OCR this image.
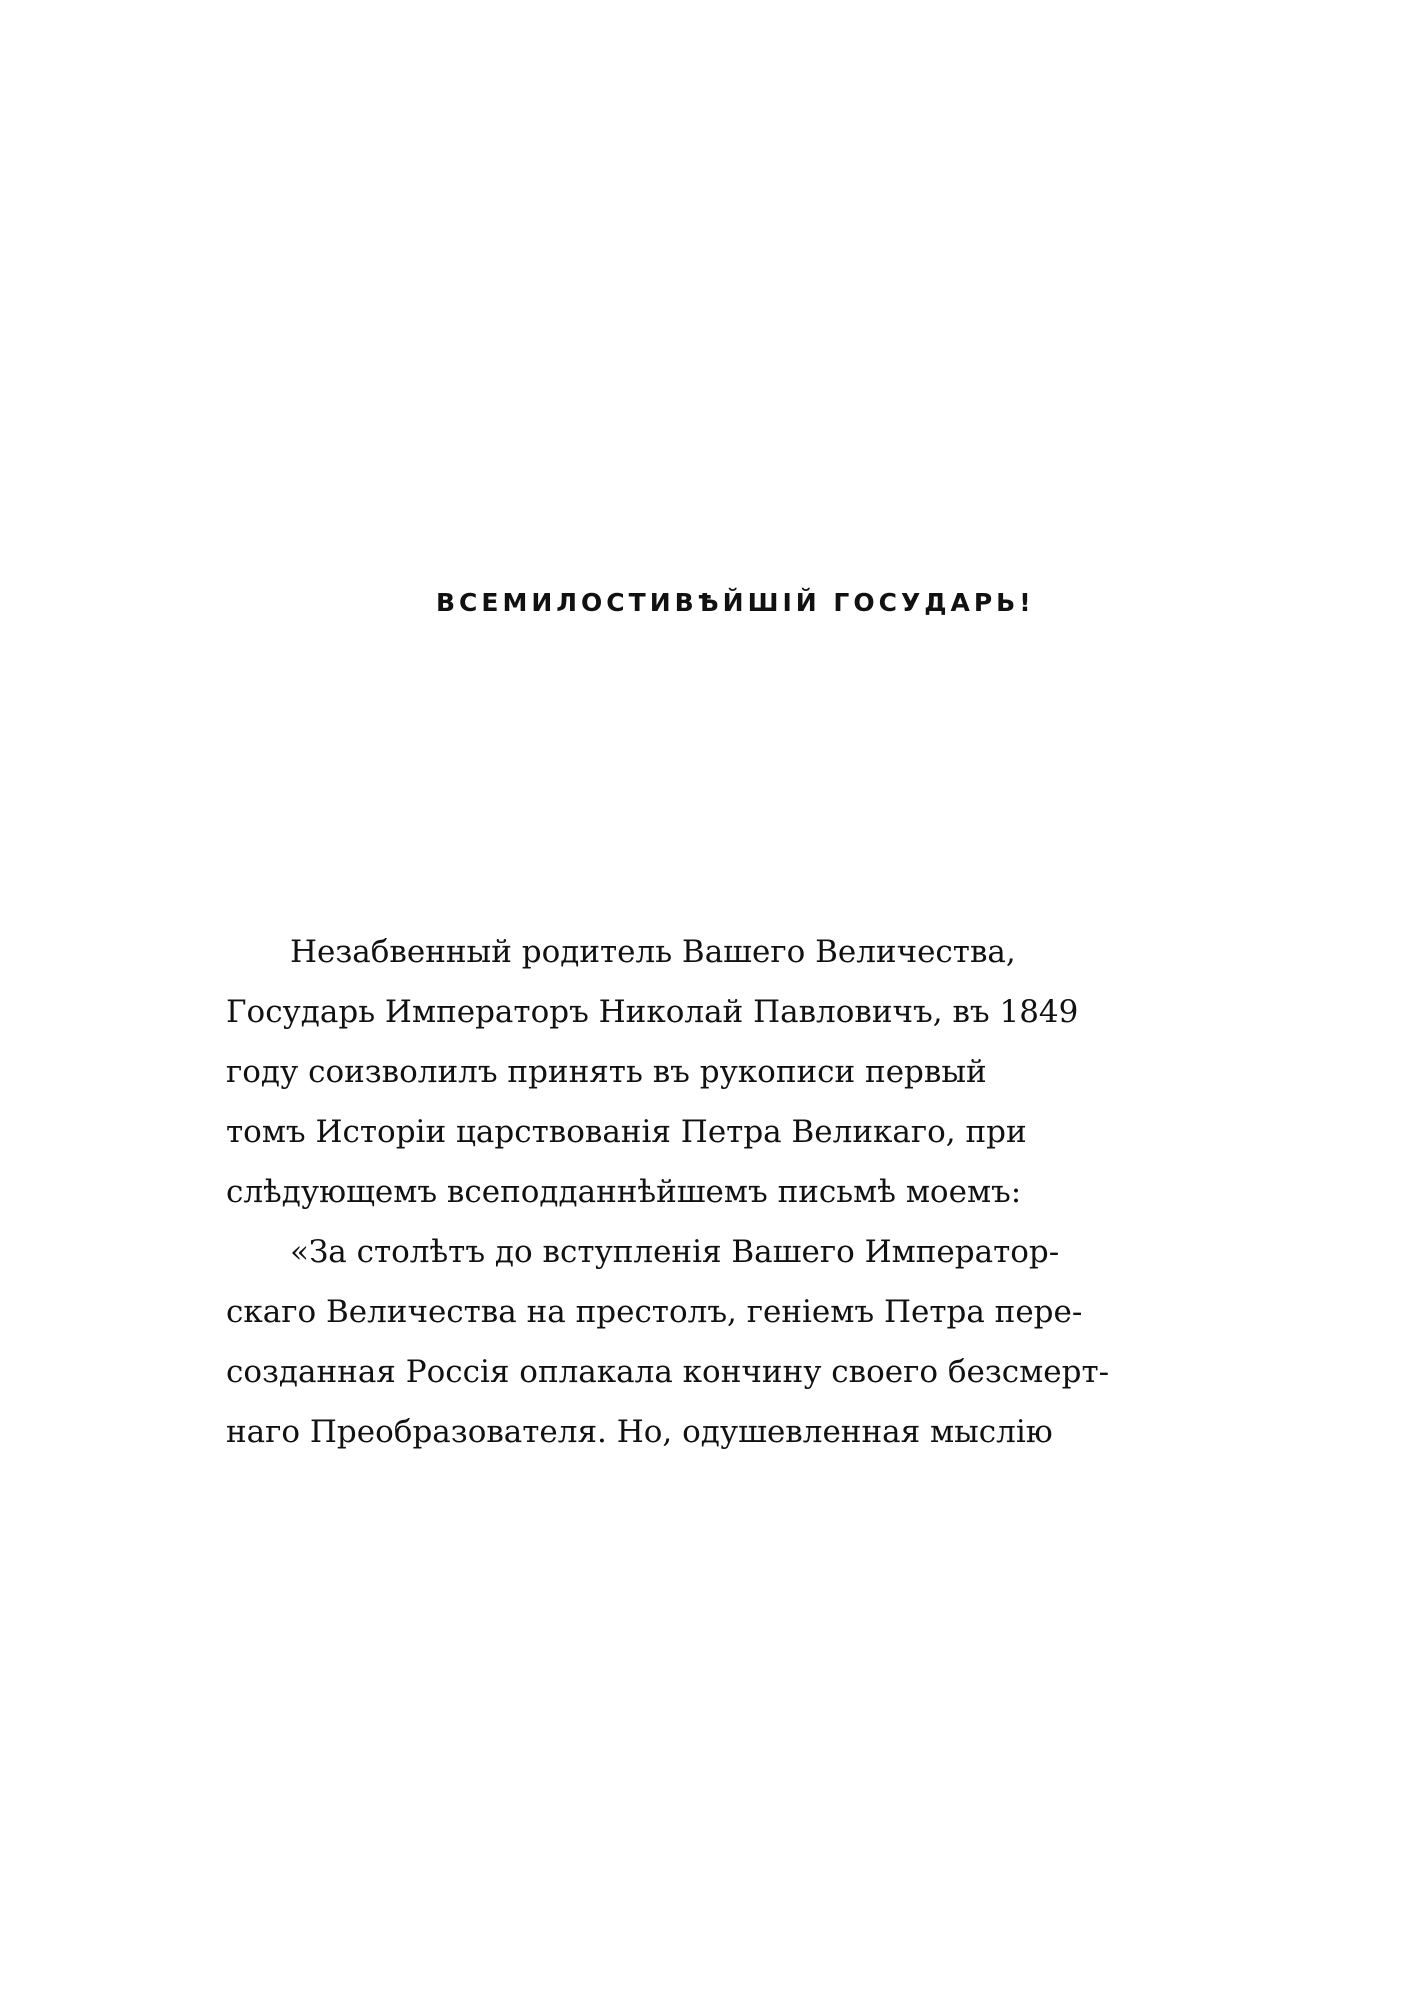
ВСЕМИЛОСТИВѢЙШІЙ ГОСУДАРЬ!
Незабвенный родитель Вашего Величества,
Государь Императоръ Николай Павловичъ, въ 1849
году соизволилъ принять въ рукописи первый
томъ Исторіи царствованія Петра Великаго, при
слѣдующемъ всеподданнѣйшемъ письмѣ моемъ:
«За столѣтъ до вступленія Вашего Император-
скаго Величества на престолъ, геніемъ Петра пере-
созданная Россія оплакала кончину своего безсмерт-
наго Преобразователя. Но, одушевленная мыслію
